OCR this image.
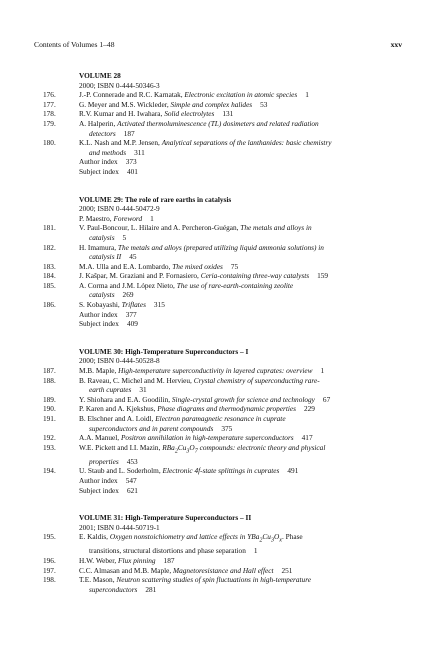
Contents of Volumes 1–48	xxv
VOLUME 28
2000; ISBN 0-444-50346-3
176.	J.-P. Connerade and R.C. Karnatak, Electronic excitation in atomic species 1
177.	G. Meyer and M.S. Wickleder, Simple and complex halides 53
178.	R.V. Kumar and H. Iwahara, Solid electrolytes 131
179.	A. Halperin, Activated thermoluminescence (TL) dosimeters and related radiation
detectors 187
180.	K.L. Nash and M.P. Jensen, Analytical separations of the lanthanides: basic chemistry
and methods 311
Author index 373
Subject index 401
VOLUME 29: The role of rare earths in catalysis
2000; ISBN 0-444-50472-9
P. Maestro, Foreword 1
181.	V. Paul-Boncour, L. Hilaire and A. Percheron-Guégan, The metals and alloys in
catalysis 5
182.	H. Imamura, The metals and alloys (prepared utilizing liquid ammonia solutions) in
catalysis II 45
183.	M.A. Ulla and E.A. Lombardo, The mixed oxides 75
184.	J. Kašpar, M. Graziani and P. Fornasiero, Ceria-containing three-way catalysts 159
185.	A. Corma and J.M. López Nieto, The use of rare-earth-containing zeolite
catalysts 269
186.	S. Kobayashi, Triflates 315
Author index 377
Subject index 409
VOLUME 30: High-Temperature Superconductors – I
2000; ISBN 0-444-50528-8
187.	M.B. Maple, High-temperature superconductivity in layered cuprates: overview 1
188.	B. Raveau, C. Michel and M. Hervieu, Crystal chemistry of superconducting rare-
earth cuprates 31
189.	Y. Shiohara and E.A. Goodilin, Single-crystal growth for science and technology 67
190.	P. Karen and A. Kjekshus, Phase diagrams and thermodynamic properties 229
191.	B. Elschner and A. Loidl, Electron paramagnetic resonance in cuprate
superconductors and in parent compounds 375
192.	A.A. Manuel, Positron annihilation in high-temperature superconductors 417
193.	W.E. Pickett and I.I. Mazin, $RBa_2Cu_3O_7$ compounds: electronic theory and physical
properties 453
194.	U. Staub and L. Soderholm, Electronic 4f-state splittings in cuprates 491
Author index 547
Subject index 621
VOLUME 31: High-Temperature Superconductors – II
2001; ISBN 0-444-50719-1
195.	E. Kaldis, Oxygen nonstoichiometry and lattice effects in $YBa_2Cu_3O_x$. Phase
transitions, structural distortions and phase separation 1
196.	H.W. Weber, Flux pinning 187
197.	C.C. Almasan and M.B. Maple, Magnetoresistance and Hall effect 251
198.	T.E. Mason, Neutron scattering studies of spin fluctuations in high-temperature
superconductors 281
